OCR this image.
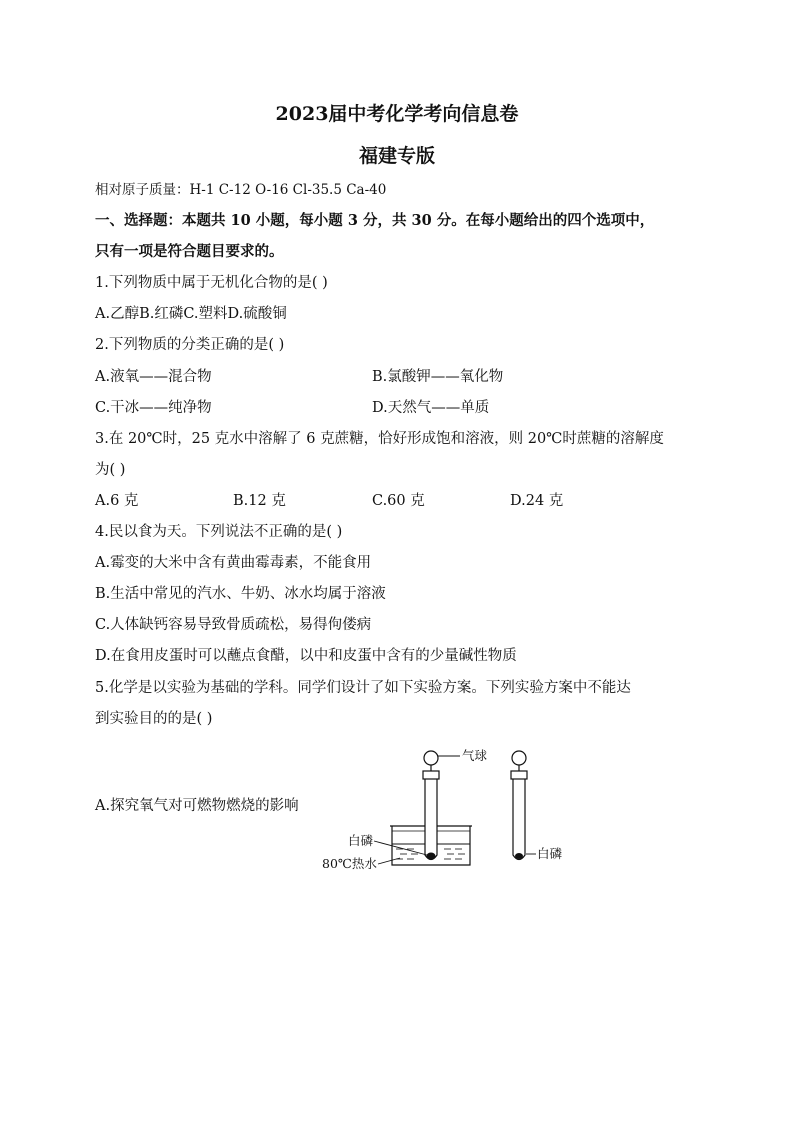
2023届中考化学考向信息卷
福建专版
相对原子质量：H-1 C-12 O-16 Cl-35.5 Ca-40
一、选择题：本题共 10 小题，每小题 3 分，共 30 分。在每小题给出的四个选项中，
只有一项是符合题目要求的。
1.下列物质中属于无机化合物的是( )
A.乙醇B.红磷C.塑料D.硫酸铜
2.下列物质的分类正确的是( )
A.液氧——混合物	B.氯酸钾——氧化物
C.干冰——纯净物	D.天然气——单质
3.在 20℃时，25 克水中溶解了 6 克蔗糖，恰好形成饱和溶液，则 20℃时蔗糖的溶解度
为( )
A.6 克	B.12 克	C.60 克	D.24 克
4.民以食为天。下列说法不正确的是( )
A.霉变的大米中含有黄曲霉毒素，不能食用
B.生活中常见的汽水、牛奶、冰水均属于溶液
C.人体缺钙容易导致骨质疏松，易得佝偻病
D.在食用皮蛋时可以蘸点食醋，以中和皮蛋中含有的少量碱性物质
5.化学是以实验为基础的学科。同学们设计了如下实验方案。下列实验方案中不能达
到实验目的的是( )
A.探究氧气对可燃物燃烧的影响
气球
白磷
80℃热水
白磷
